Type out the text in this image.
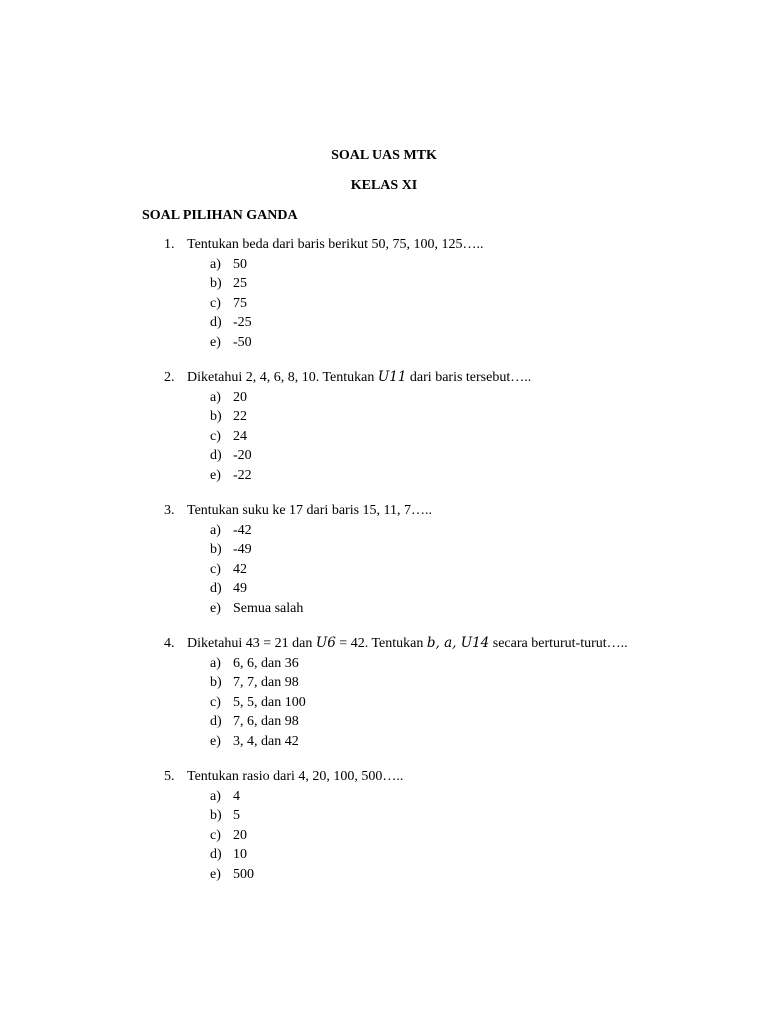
SOAL UAS MTK
KELAS XI
SOAL PILIHAN GANDA
1. Tentukan beda dari baris berikut 50, 75, 100, 125…..
a) 50
b) 25
c) 75
d) -25
e) -50
2. Diketahui 2, 4, 6, 8, 10. Tentukan U11 dari baris tersebut…..
a) 20
b) 22
c) 24
d) -20
e) -22
3. Tentukan suku ke 17 dari baris 15, 11, 7…..
a) -42
b) -49
c) 42
d) 49
e) Semua salah
4. Diketahui 43 = 21 dan U6 = 42. Tentukan b, a, U14 secara berturut-turut…..
a) 6, 6, dan 36
b) 7, 7, dan 98
c) 5, 5, dan 100
d) 7, 6, dan 98
e) 3, 4, dan 42
5. Tentukan rasio dari 4, 20, 100, 500…..
a) 4
b) 5
c) 20
d) 10
e) 500
